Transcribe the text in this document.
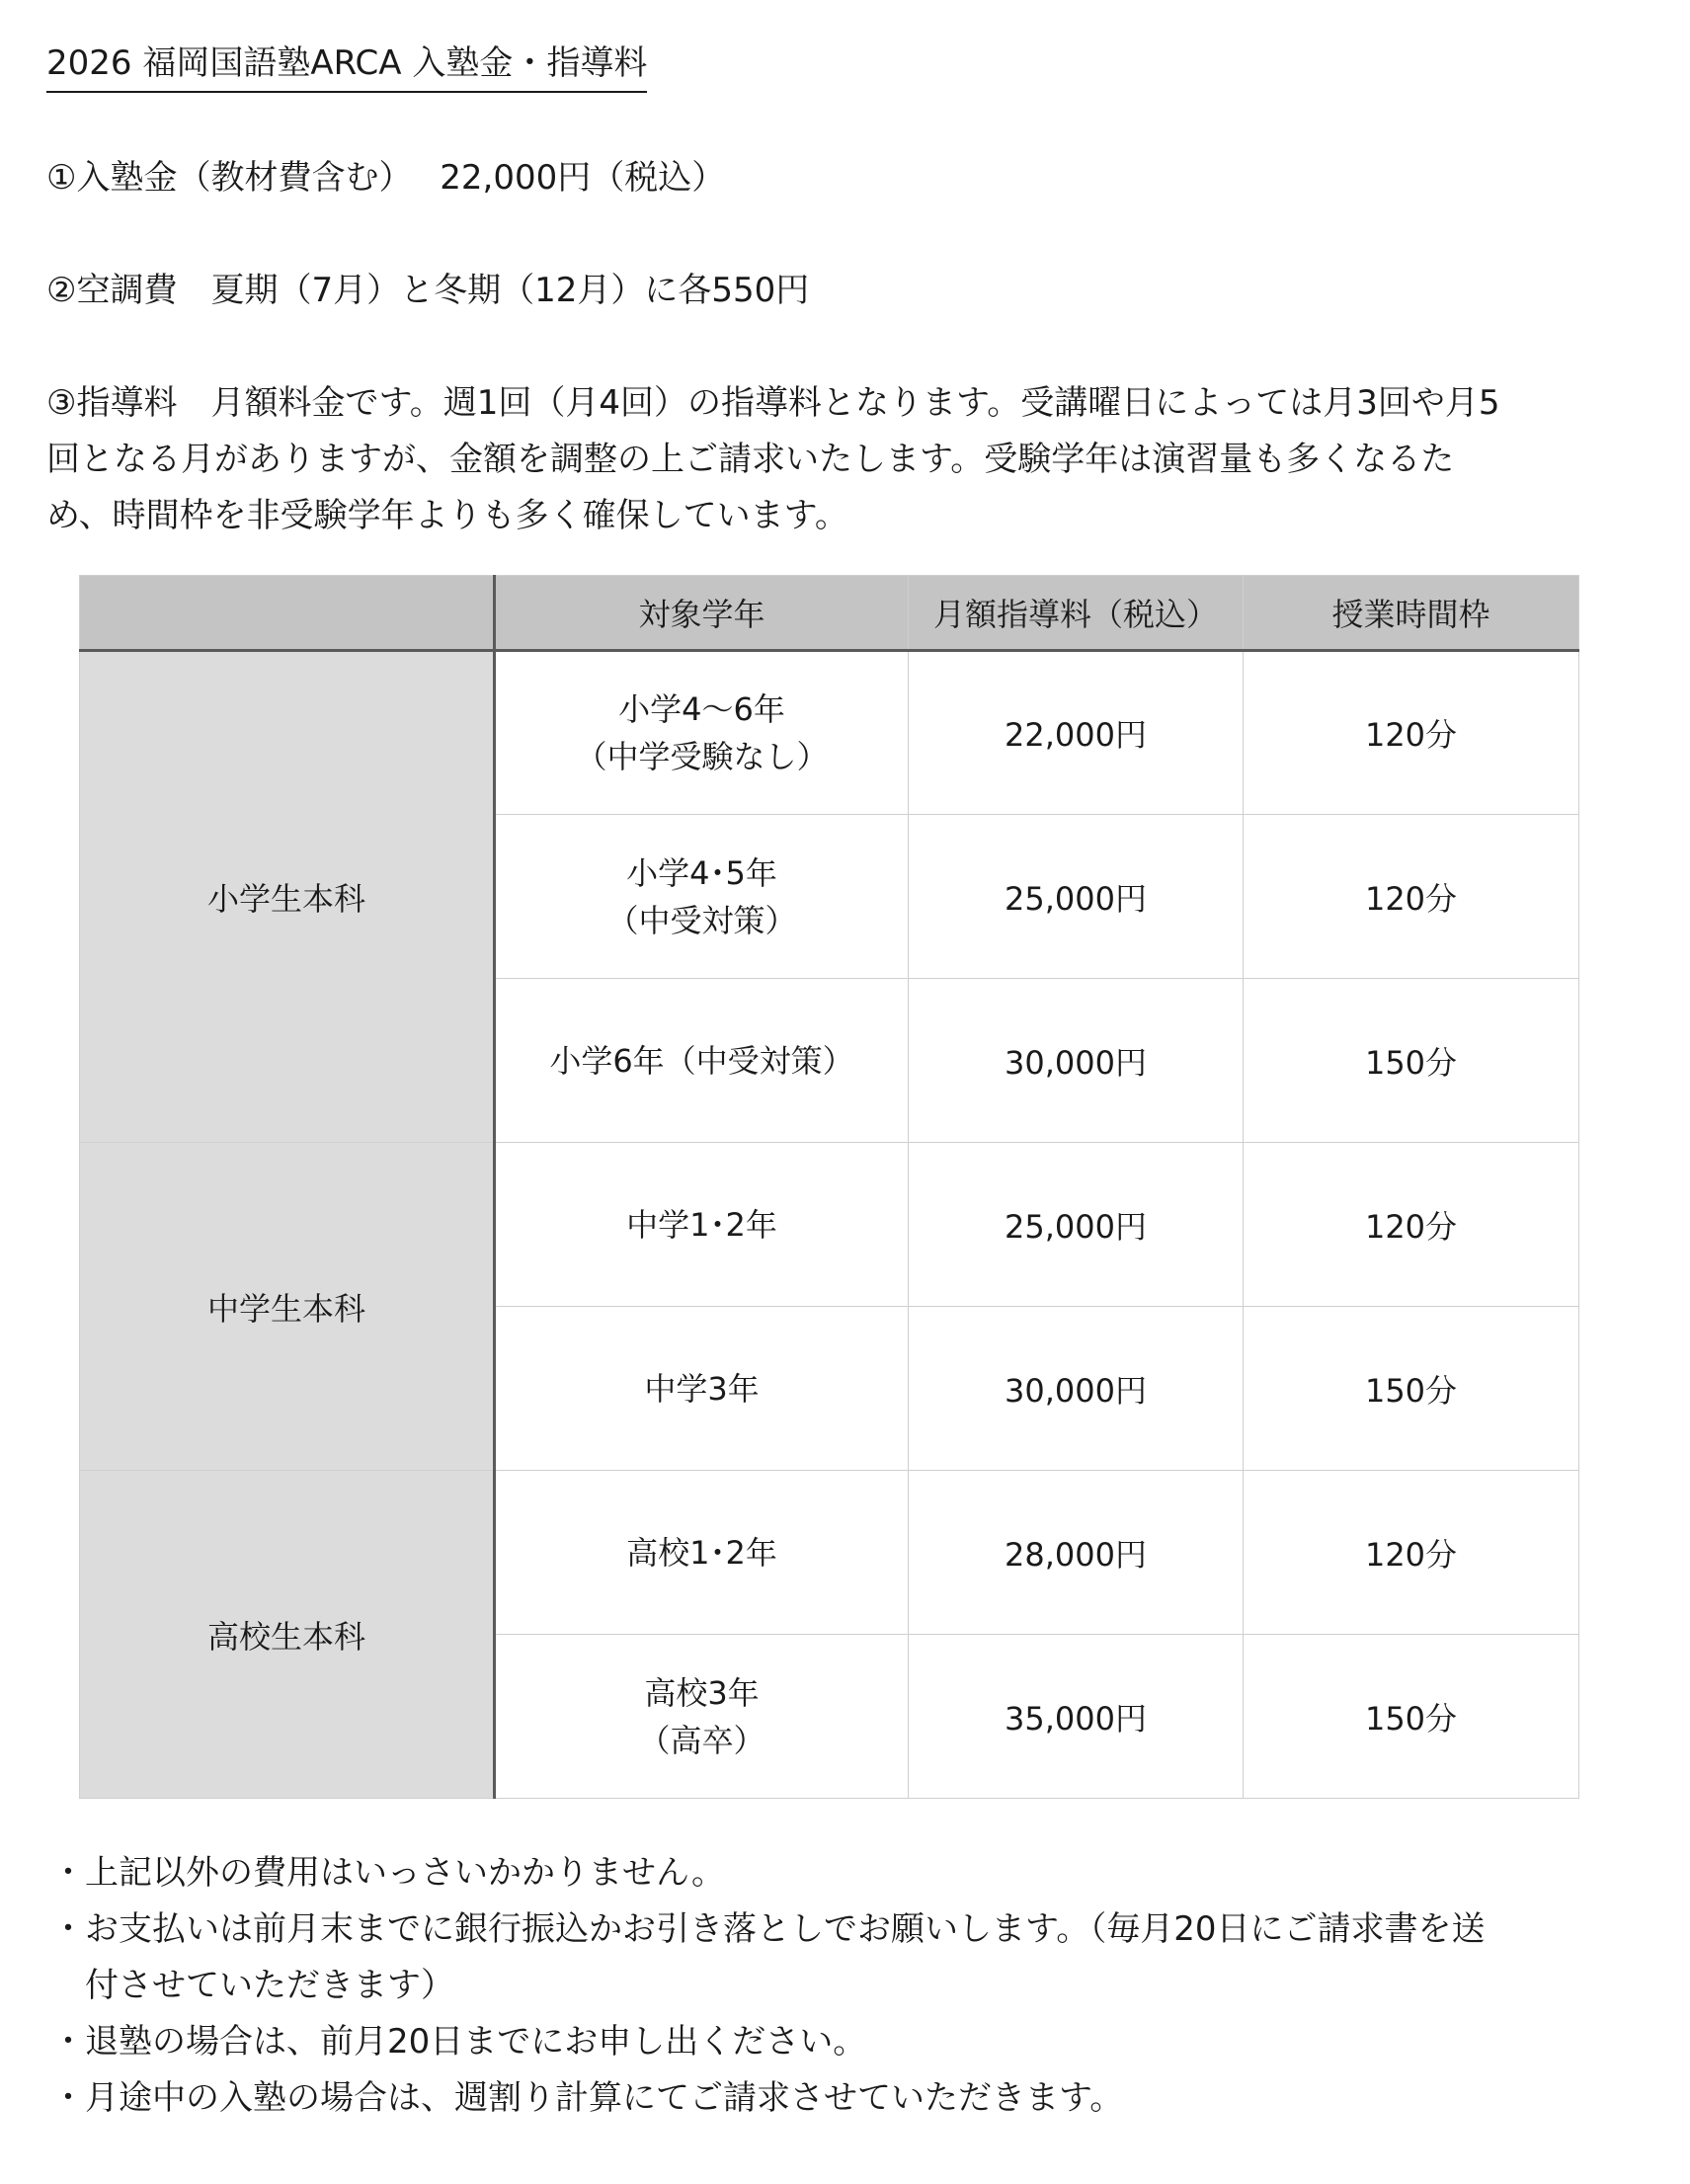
2026 福岡国語塾ARCA 入塾金・指導料
①入塾金（教材費含む）　 22,000円（税込）
②空調費　夏期（7月）と冬期（12月）に各550円
③指導料　月額料金です。週1回（月4回）の指導料となります。受講曜日によっては月3回や月5
回となる月がありますが、金額を調整の上ご請求いたします。受験学年は演習量も多くなるた
め、時間枠を非受験学年よりも多く確保しています。
	対象学年	月額指導料（税込）	授業時間枠
小学生本科	小学4〜6年
（中学受験なし）	22,000円	120分

	小学4･5年
（中受対策）	25,000円	120分

	小学6年（中受対策）	30,000円	150分
中学生本科	中学1･2年	25,000円	120分

	中学3年	30,000円	150分
高校生本科	高校1･2年	28,000円	120分

	高校3年
（高卒）	35,000円	150分
・ 上記以外の費用はいっさいかかりません。
・ お支払いは前月末までに銀行振込かお引き落としでお願いします。（毎月20日にご請求書を送
付させていただきます）
・ 退塾の場合は、前月20日までにお申し出ください。
・ 月途中の入塾の場合は、週割り計算にてご請求させていただきます。
